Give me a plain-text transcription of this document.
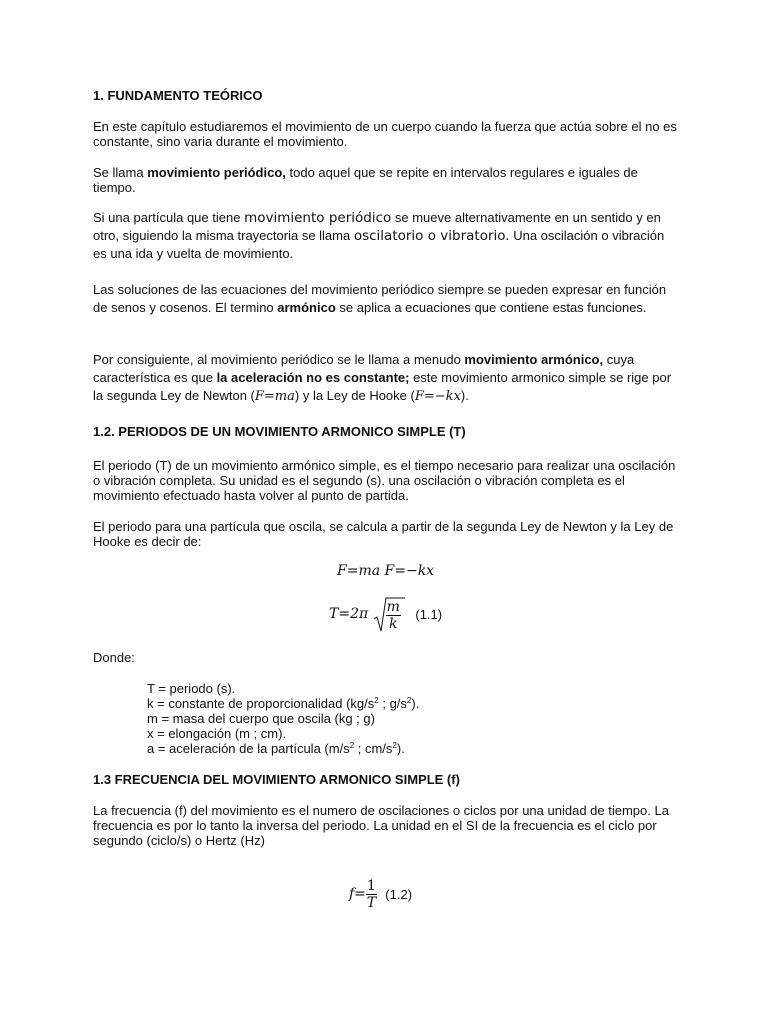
1. FUNDAMENTO TEÓRICO

En este capítulo estudiaremos el movimiento de un cuerpo cuando la fuerza que actúa sobre el no es constante, sino varia durante el movimiento.

Se llama movimiento periódico, todo aquel que se repite en intervalos regulares e iguales de tiempo.

Si una partícula que tiene movimiento periódico se mueve alternativamente en un sentido y en otro, siguiendo la misma trayectoria se llama oscilatorio o vibratorio. Una oscilación o vibración es una ida y vuelta de movimiento.

Las soluciones de las ecuaciones del movimiento periódico siempre se pueden expresar en función de senos y cosenos. El termino armónico se aplica a ecuaciones que contiene estas funciones.

Por consiguiente, al movimiento periódico se le llama a menudo movimiento armónico, cuya característica es que la aceleración no es constante; este movimiento armonico simple se rige por la segunda Ley de Newton (F=ma) y la Ley de Hooke (F=−kx).

1.2. PERIODOS DE UN MOVIMIENTO ARMONICO SIMPLE (T)

El periodo (T) de un movimiento armónico simple, es el tiempo necesario para realizar una oscilación o vibración completa. Su unidad es el segundo (s). una oscilación o vibración completa es el movimiento efectuado hasta volver al punto de partida.

El periodo para una partícula que oscila, se calcula a partir de la segunda Ley de Newton y la Ley de Hooke es decir de:

F=ma F=−kx
$T=2\pi \frac{m}{k} (1.1)$

Donde:

T = periodo (s).
k = constante de proporcionalidad ($kg/s^2$ ; $g/s^2$).
m = masa del cuerpo que oscila (kg ; g)
x = elongación (m ; cm).
a = aceleración de la partícula ($m/s^2$ ; $cm/s^2$).
1.3 FRECUENCIA DEL MOVIMIENTO ARMONICO SIMPLE (f)

La frecuencia (f) del movimiento es el numero de oscilaciones o ciclos por una unidad de tiempo. La frecuencia es por lo tanto la inversa del periodo. La unidad en el SI de la frecuencia es el ciclo por segundo (ciclo/s) o Hertz (Hz)

$f= \frac{1}{T} (1.2)$
